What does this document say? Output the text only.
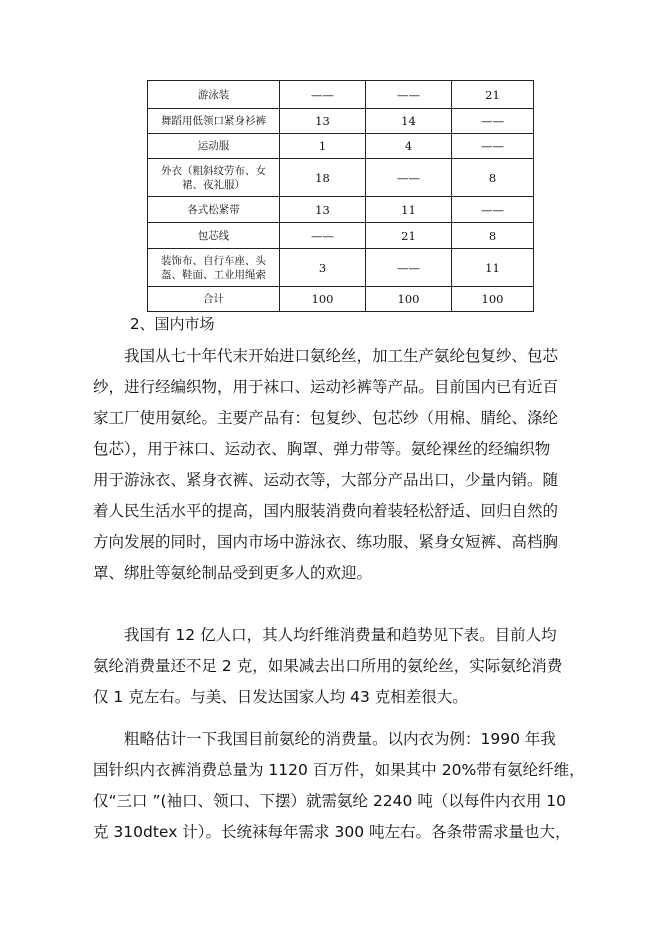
游泳装	——	——	21
舞蹈用低领口紧身衫裤	13	14	——
运动服	1	4	——
外衣（粗斜纹劳布、女裙、夜礼服）	18	——	8
各式松紧带	13	11	——
包芯线	——	21	8
装饰布、自行车座、头盔、鞋面、工业用绳索	3	——	11
合计	100	100	100
2、国内市场
　　我国从七十年代末开始进口氨纶丝，加工生产氨纶包复纱、包芯
纱，进行经编织物，用于袜口、运动衫裤等产品。目前国内已有近百
家工厂使用氨纶。主要产品有：包复纱、包芯纱（用棉、腈纶、涤纶
包芯），用于袜口、运动衣、胸罩、弹力带等。氨纶裸丝的经编织物
用于游泳衣、紧身衣裤、运动衣等，大部分产品出口，少量内销。随
着人民生活水平的提高，国内服装消费向着装轻松舒适、回归自然的
方向发展的同时，国内市场中游泳衣、练功服、紧身女短裤、高档胸
罩、绑肚等氨纶制品受到更多人的欢迎。
　　我国有 12 亿人口，其人均纤维消费量和趋势见下表。目前人均
氨纶消费量还不足 2 克，如果减去出口所用的氨纶丝，实际氨纶消费
仅 1 克左右。与美、日发达国家人均 43 克相差很大。
　　粗略估计一下我国目前氨纶的消费量。以内衣为例：1990 年我
国针织内衣裤消费总量为 1120 百万件，如果其中 20%带有氨纶纤维，
仅“三口 ”(袖口、领口、下摆）就需氨纶 2240 吨（以每件内衣用 10
克 310dtex 计）。长统袜每年需求 300 吨左右。各条带需求量也大，
